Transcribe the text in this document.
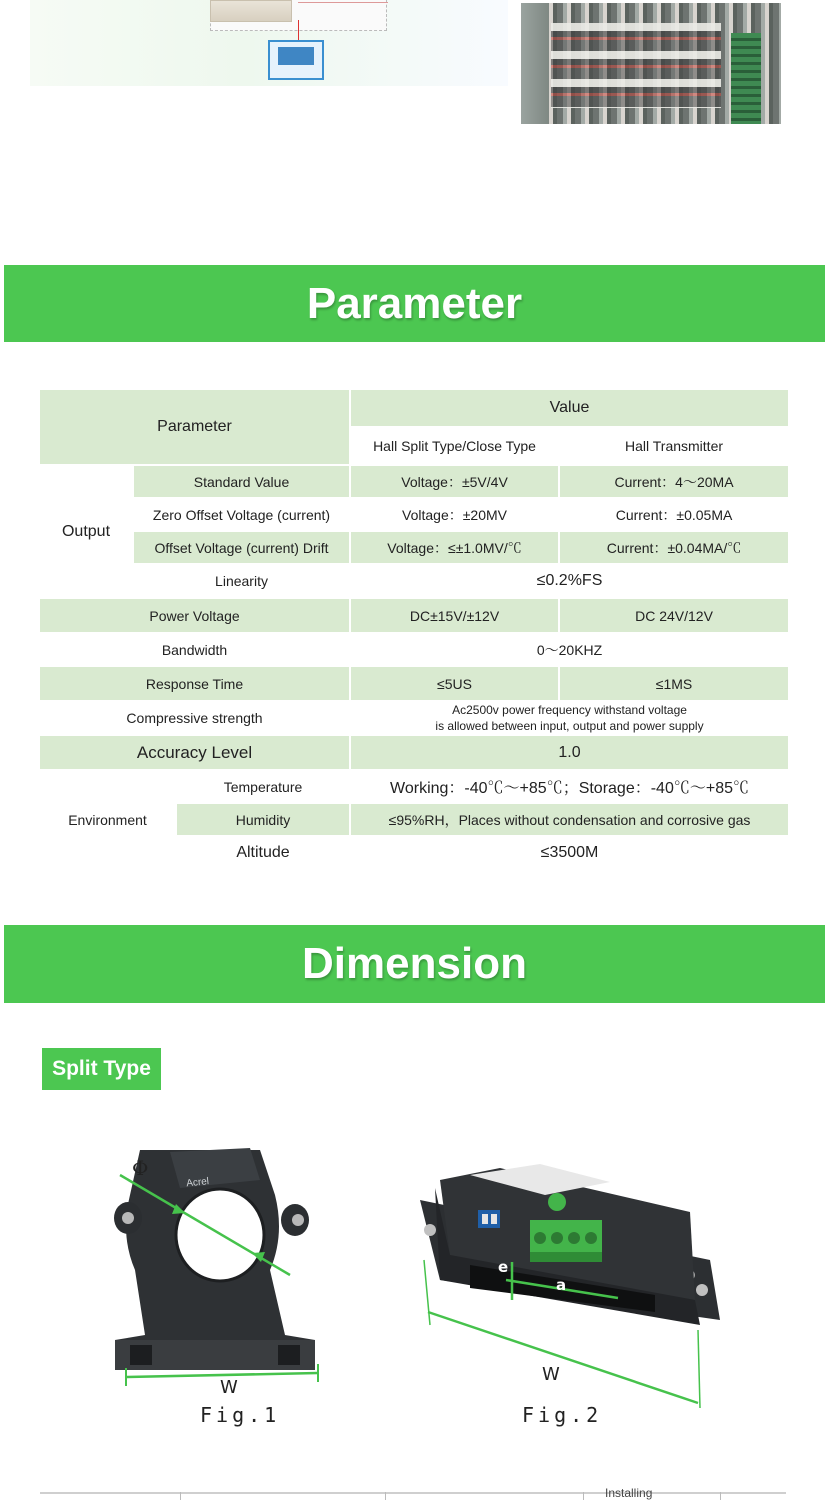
Parameter
Parameter			Value	
			Hall Split Type/Close Type	Hall Transmitter
Output	Standard Value		Voltage：±5V/4V	Current：4～20MA
	Zero Offset Voltage (current)		Voltage：±20MV	Current：±0.05MA
	Offset Voltage (current) Drift		Voltage：≤±1.0MV/℃	Current：±0.04MA/℃
	Linearity		≤0.2%FS	
Power Voltage			DC±15V/±12V	DC 24V/12V
Bandwidth			0～20KHZ	
Response Time			≤5US	≤1MS
Compressive strength			Ac2500v power frequency withstand voltage
is allowed between input, output and power supply	
Accuracy Level			1.0	
Environment		Temperature	Working：-40℃～+85℃；Storage：-40℃～+85℃	
		Humidity	≤95%RH，Places without condensation and corrosive gas	
		Altitude	≤3500M	
Dimension
Split Type
Acrel
Φ
W
Fig.1
e
a
W
Fig.2
Installing
